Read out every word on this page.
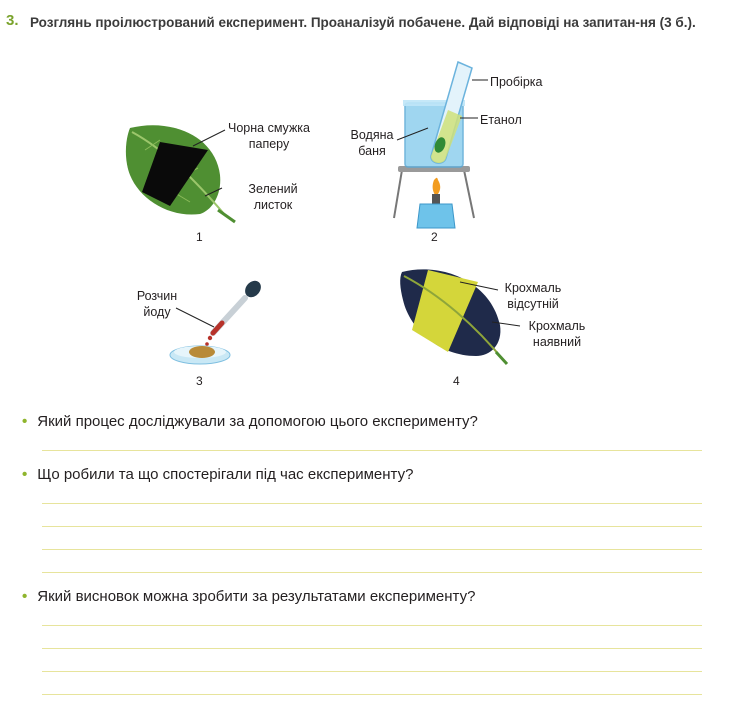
3. Розглянь проілюстрований експеримент. Проаналізуй побачене. Дай відповіді на запитан-ня (3 б.).
Чорна смужка паперу
Зелений листок
1
Пробірка
Етанол
Водяна баня
2
Розчин йоду
3
Крохмаль відсутній
Крохмаль наявний
4
• Який процес досліджували за допомогою цього експерименту?
• Що робили та що спостерігали під час експерименту?
• Який висновок можна зробити за результатами експерименту?
